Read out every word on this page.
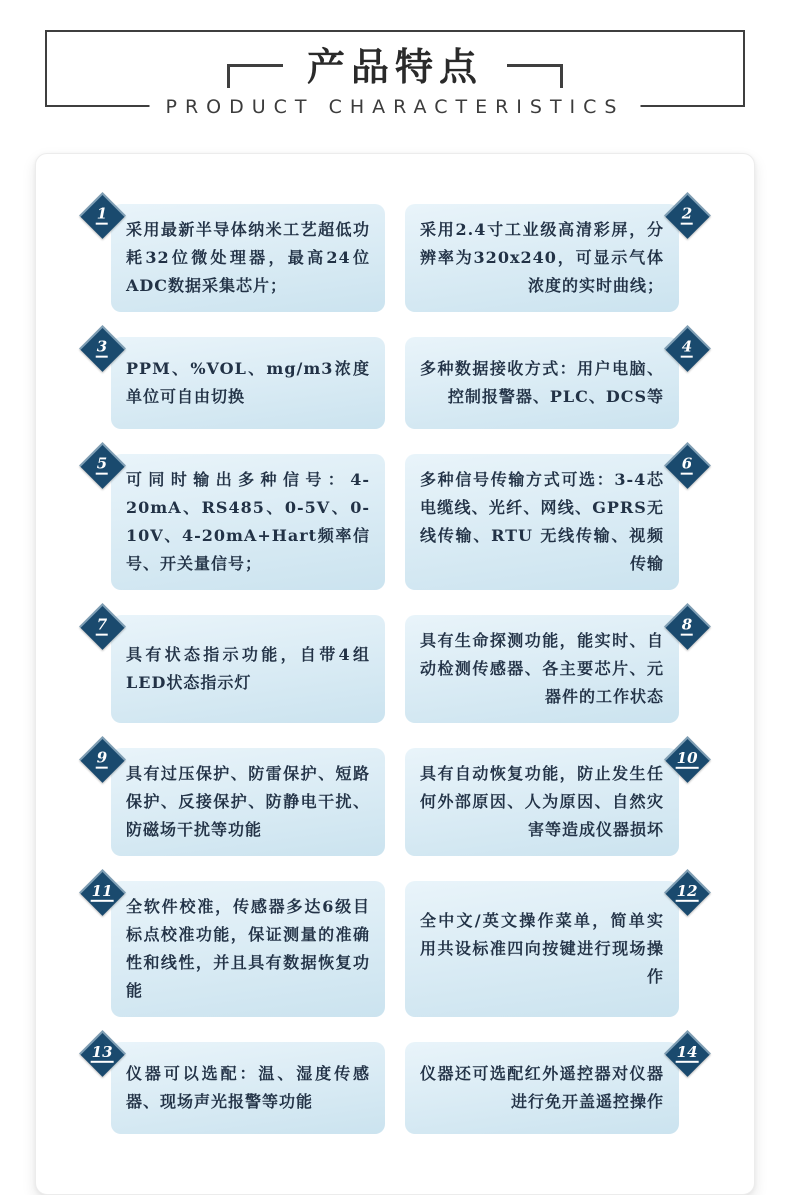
产品特点
PRODUCT CHARACTERISTICS
1

采用最新半导体纳米工艺超低功耗32位微处理器，最高24位ADC数据采集芯片；

2

采用2.4寸工业级高清彩屏，分辨率为320x240，可显示气体浓度的实时曲线；

3

PPM、%VOL、mg/m3浓度单位可自由切换

4

多种数据接收方式：用户电脑、控制报警器、PLC、DCS等

5

可同时输出多种信号：4-20mA、RS485、0-5V、0-10V、4-20mA+Hart频率信号、开关量信号；

6

多种信号传输方式可选：3-4芯电缆线、光纤、网线、GPRS无线传输、RTU 无线传输、视频传输

7

具有状态指示功能，自带4组LED状态指示灯

8

具有生命探测功能，能实时、自动检测传感器、各主要芯片、元器件的工作状态

9

具有过压保护、防雷保护、短路保护、反接保护、防静电干扰、防磁场干扰等功能

10

具有自动恢复功能，防止发生任何外部原因、人为原因、自然灾害等造成仪器损坏

11

全软件校准，传感器多达6级目标点校准功能，保证测量的准确性和线性，并且具有数据恢复功能

12

全中文/英文操作菜单，简单实用共设标准四向按键进行现场操作

13

仪器可以选配：温、湿度传感器、现场声光报警等功能

14

仪器还可选配红外遥控器对仪器进行免开盖遥控操作
